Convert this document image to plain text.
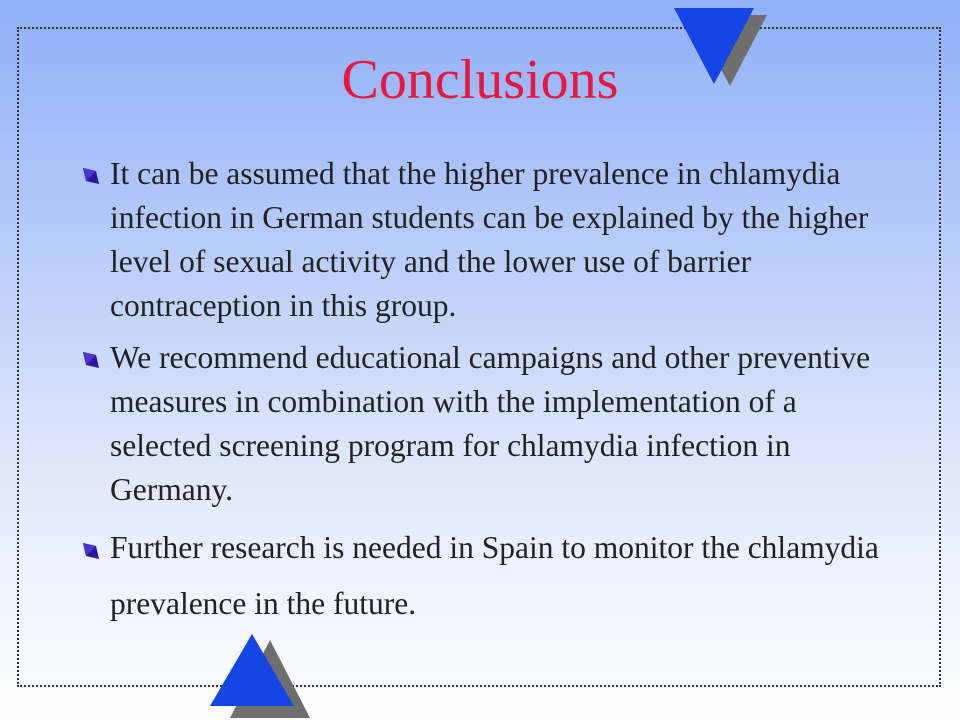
Conclusions
It can be assumed that the higher prevalence in chlamydia infection in German students can be explained by the higher level of sexual activity and the lower use of barrier contraception in this group.
We recommend educational campaigns and other preventive measures in combination with the implementation of a selected screening program for chlamydia infection in Germany.
Further research is needed in Spain to monitor the chlamydia prevalence in the future.
